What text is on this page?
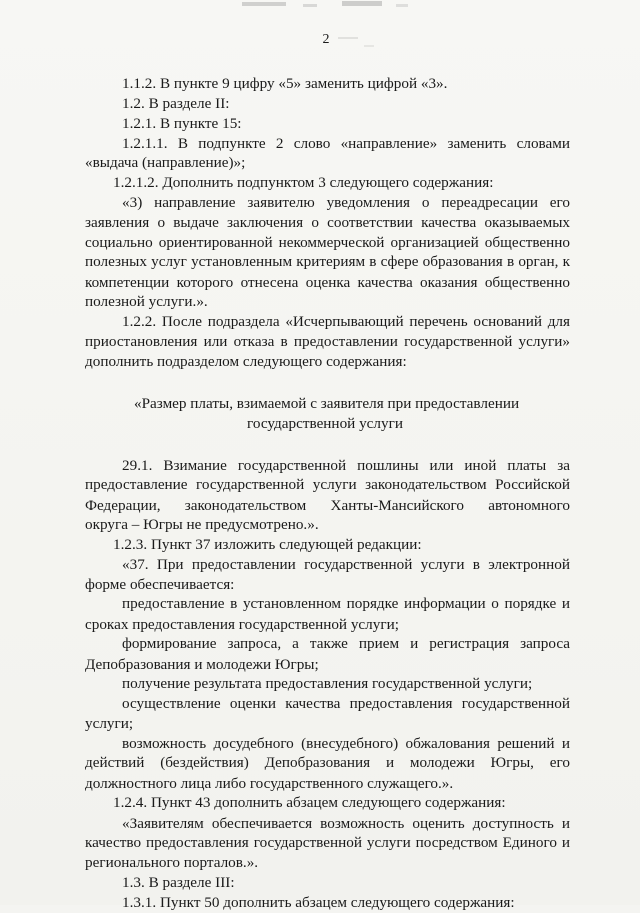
2
1.1.2. В пункте 9 цифру «5» заменить цифрой «3».
1.2. В разделе II:
1.2.1. В пункте 15:
1.2.1.1. В подпункте 2 слово «направление» заменить словами
«выдача (направление)»;
1.2.1.2. Дополнить подпунктом 3 следующего содержания:
«3) направление заявителю уведомления о переадресации его
заявления о выдаче заключения о соответствии качества оказываемых
социально ориентированной некоммерческой организацией общественно
полезных услуг установленным критериям в сфере образования в орган, к
компетенции которого отнесена оценка качества оказания общественно
полезной услуги.».
1.2.2. После подраздела «Исчерпывающий перечень оснований для
приостановления или отказа в предоставлении государственной услуги»
дополнить подразделом следующего содержания:
«Размер платы, взимаемой с заявителя при предоставлении
государственной услуги
29.1. Взимание государственной пошлины или иной платы за
предоставление государственной услуги законодательством Российской
Федерации, законодательством Ханты-Мансийского автономного
округа – Югры не предусмотрено.».
1.2.3. Пункт 37 изложить следующей редакции:
«37. При предоставлении государственной услуги в электронной
форме обеспечивается:
предоставление в установленном порядке информации о порядке и
сроках предоставления государственной услуги;
формирование запроса, а также прием и регистрация запроса
Депобразования и молодежи Югры;
получение результата предоставления государственной услуги;
осуществление оценки качества предоставления государственной
услуги;
возможность досудебного (внесудебного) обжалования решений и
действий (бездействия) Депобразования и молодежи Югры, его
должностного лица либо государственного служащего.».
1.2.4. Пункт 43 дополнить абзацем следующего содержания:
«Заявителям обеспечивается возможность оценить доступность и
качество предоставления государственной услуги посредством Единого и
регионального порталов.».
1.3. В разделе III:
1.3.1. Пункт 50 дополнить абзацем следующего содержания:
